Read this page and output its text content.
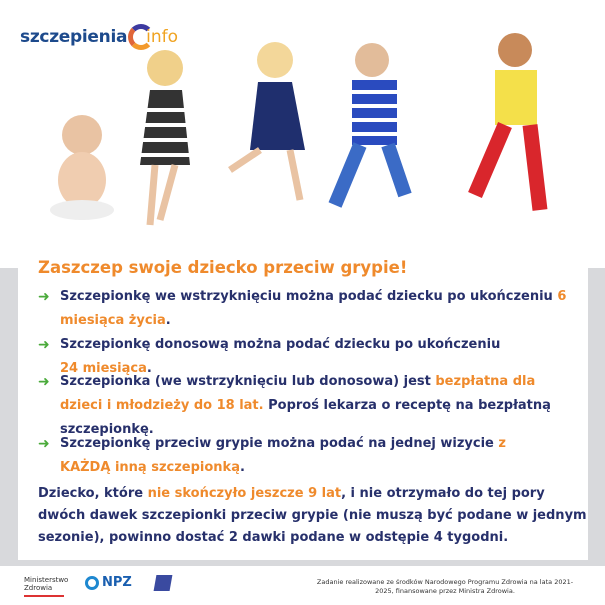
szczepienia info
Zaszczep swoje dziecko przeciw grypie!
➜ Szczepionkę we wstrzyknięciu można podać dziecku po ukończeniu 6 miesiąca życia.
➜ Szczepionkę donosową można podać dziecku po ukończeniu
24 miesiąca.
➜ Szczepionka (we wstrzyknięciu lub donosowa) jest bezpłatna dla dzieci i młodzieży do 18 lat. Poproś lekarza o receptę na bezpłatną szczepionkę.
➜ Szczepionkę przeciw grypie można podać na jednej wizycie z KAŻDĄ inną szczepionką.

Dziecko, które nie skończyło jeszcze 9 lat, i nie otrzymało do tej pory dwóch dawek szczepionki przeciw grypie (nie muszą być podane w jednym sezonie), powinno dostać 2 dawki podane w odstępie 4 tygodni.

Ministerstwo Zdrowia	NPZ	Zadanie realizowane ze środków Narodowego Programu Zdrowia na lata 2021-2025, finansowane przez Ministra Zdrowia.
